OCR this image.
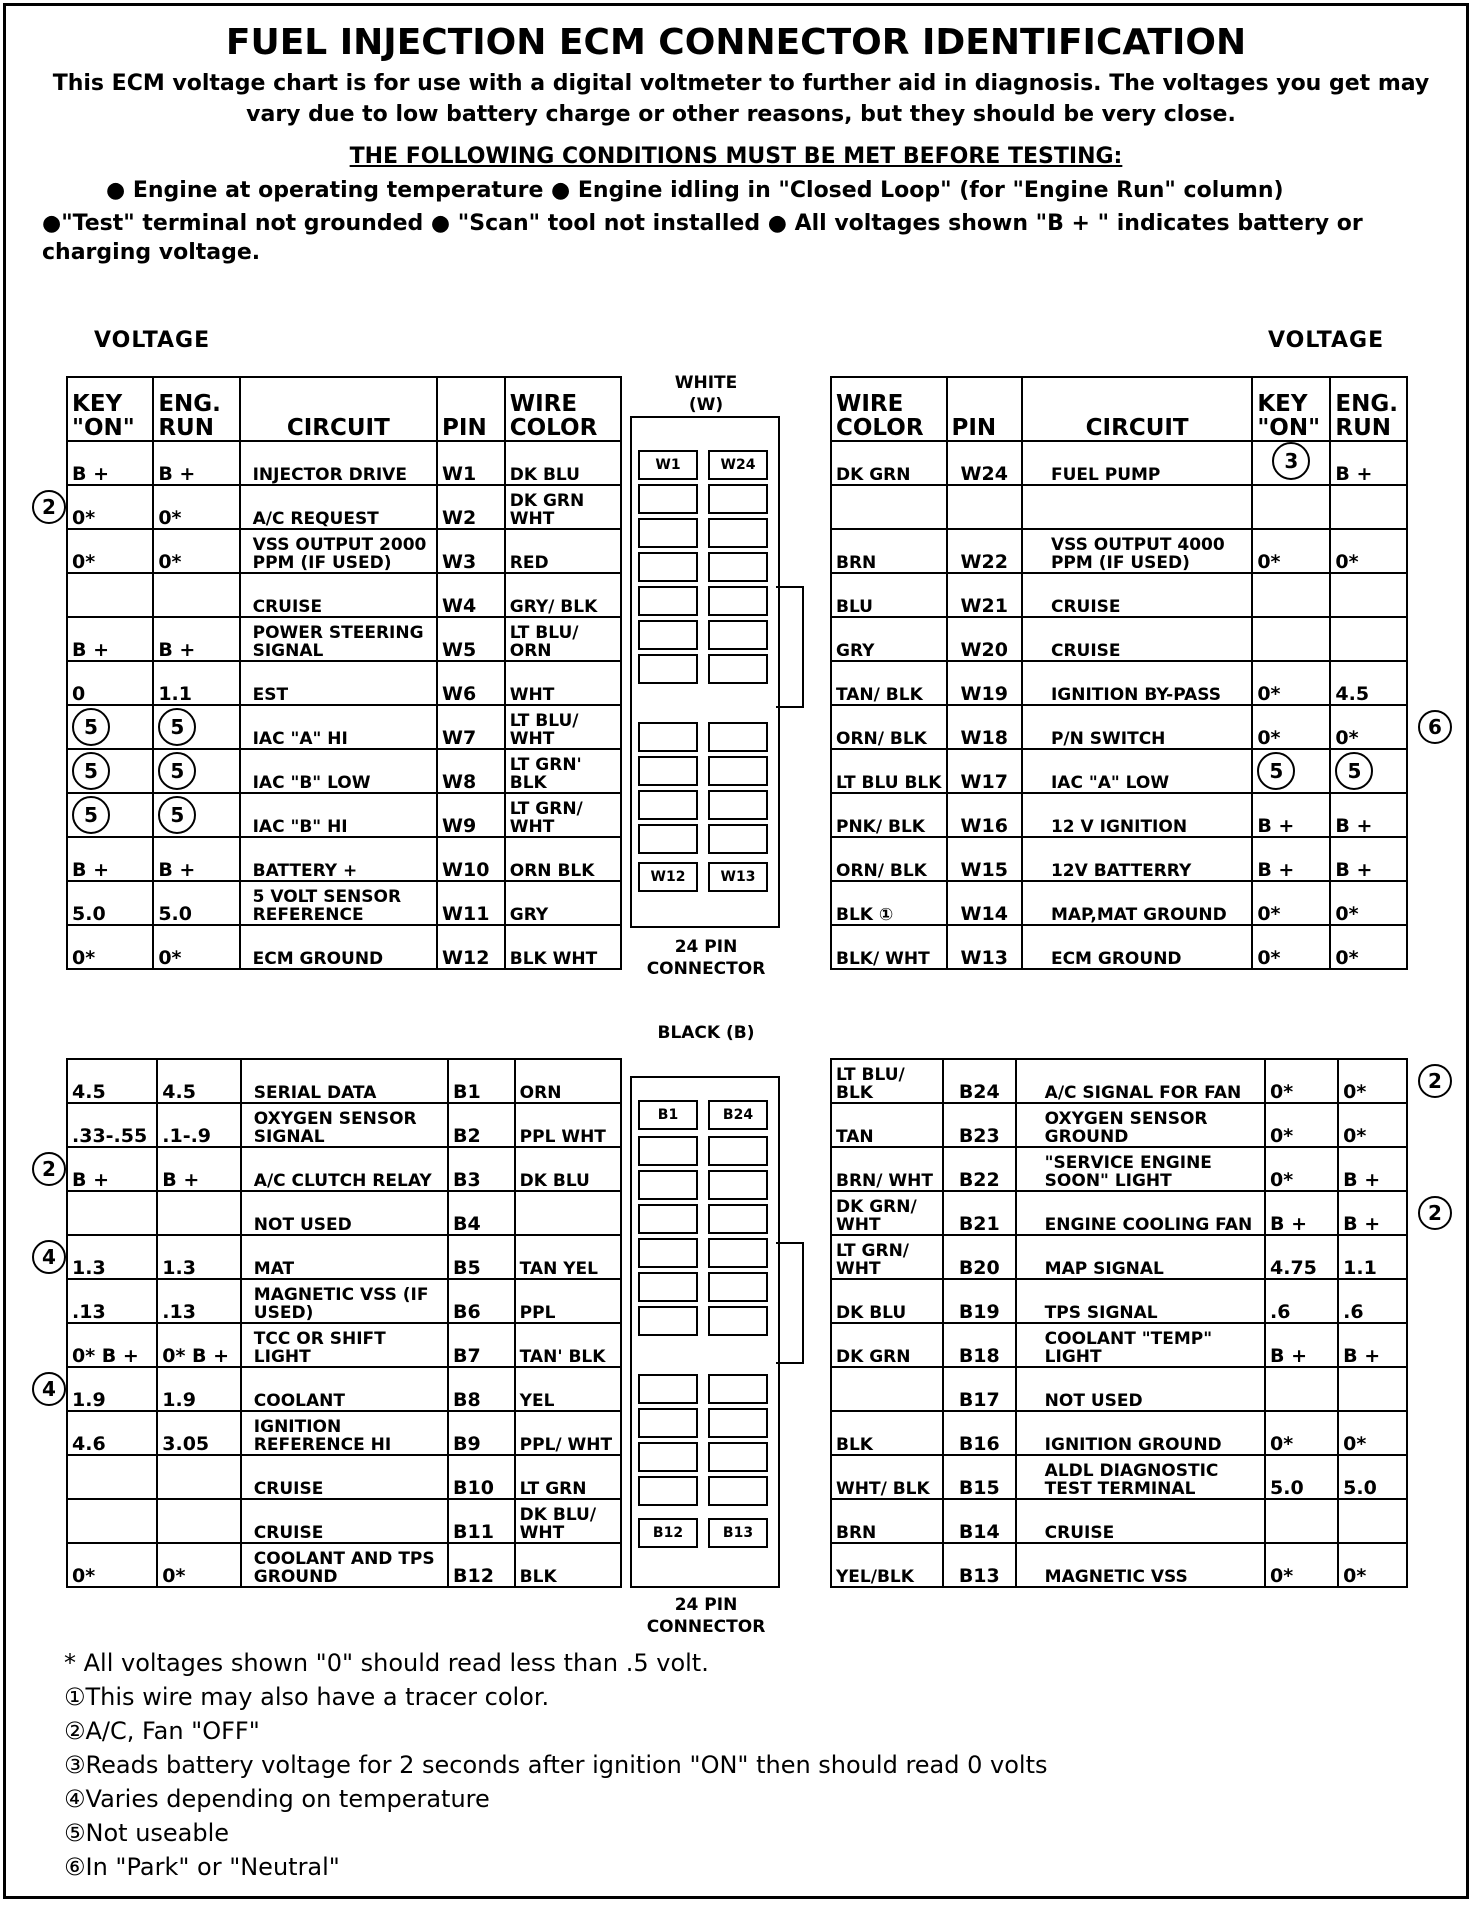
FUEL INJECTION ECM CONNECTOR IDENTIFICATION
This ECM voltage chart is for use with a digital voltmeter to further aid in diagnosis. The voltages you get may vary due to low battery charge or other reasons, but they should be very close.
THE FOLLOWING CONDITIONS MUST BE MET BEFORE TESTING:
● Engine at operating temperature ● Engine idling in "Closed Loop" (for "Engine Run" column)
●"Test" terminal not grounded ● "Scan" tool not installed ● All voltages shown "B + " indicates battery or charging voltage.
VOLTAGE	VOLTAGE
KEY "ON"	ENG. RUN	CIRCUIT	PIN	WIRE COLOR
B +	B +	INJECTOR DRIVE	W1	DK BLU
0*	0*	A/C REQUEST	W2	DK GRN WHT
0*	0*	VSS OUTPUT 2000 PPM (IF USED)	W3	RED
		CRUISE	W4	GRY/ BLK
B +	B +	POWER STEERING SIGNAL	W5	LT BLU/ ORN
0	1.1	EST	W6	WHT
5	5	IAC "A" HI	W7	LT BLU/ WHT
5	5	IAC "B" LOW	W8	LT GRN' BLK
5	5	IAC "B" HI	W9	LT GRN/ WHT
B +	B +	BATTERY +	W10	ORN BLK
5.0	5.0	5 VOLT SENSOR REFERENCE	W11	GRY
0*	0*	ECM GROUND	W12	BLK WHT
WIRE COLOR	PIN	CIRCUIT	KEY "ON"	ENG. RUN
DK GRN	W24	FUEL PUMP	3	B +

BRN	W22	VSS OUTPUT 4000 PPM (IF USED)	0*	0*
BLU	W21	CRUISE		
GRY	W20	CRUISE		
TAN/ BLK	W19	IGNITION BY-PASS	0*	4.5
ORN/ BLK	W18	P/N SWITCH	0*	0*
LT BLU BLK	W17	IAC "A" LOW	5	5
PNK/ BLK	W16	12 V IGNITION	B +	B +
ORN/ BLK	W15	12V BATTERRY	B +	B +
BLK ①	W14	MAP,MAT GROUND	0*	0*
BLK/ WHT	W13	ECM GROUND	0*	0*
4.5	4.5	SERIAL DATA	B1	ORN
.33-.55	.1-.9	OXYGEN SENSOR SIGNAL	B2	PPL WHT
B +	B +	A/C CLUTCH RELAY	B3	DK BLU
		NOT USED	B4	
1.3	1.3	MAT	B5	TAN YEL
.13	.13	MAGNETIC VSS (IF USED)	B6	PPL
0* B +	0* B +	TCC OR SHIFT LIGHT	B7	TAN' BLK
1.9	1.9	COOLANT	B8	YEL
4.6	3.05	IGNITION REFERENCE HI	B9	PPL/ WHT
		CRUISE	B10	LT GRN
		CRUISE	B11	DK BLU/ WHT
0*	0*	COOLANT AND TPS GROUND	B12	BLK
LT BLU/ BLK	B24	A/C SIGNAL FOR FAN	0*	0*
TAN	B23	OXYGEN SENSOR GROUND	0*	0*
BRN/ WHT	B22	"SERVICE ENGINE SOON" LIGHT	0*	B +
DK GRN/ WHT	B21	ENGINE COOLING FAN	B +	B +
LT GRN/ WHT	B20	MAP SIGNAL	4.75	1.1
DK BLU	B19	TPS SIGNAL	.6	.6
DK GRN	B18	COOLANT "TEMP" LIGHT	B +	B +
	B17	NOT USED		
BLK	B16	IGNITION GROUND	0*	0*
WHT/ BLK	B15	ALDL DIAGNOSTIC TEST TERMINAL	5.0	5.0
BRN	B14	CRUISE		
YEL/BLK	B13	MAGNETIC VSS	0*	0*
WHITE (W)
W1	W24
W12	W13
24 PIN CONNECTOR
BLACK (B)
B1	B24
B12	B13
24 PIN CONNECTOR
2
2
4
4
6
2
2
* All voltages shown "0" should read less than .5 volt.
①This wire may also have a tracer color.
②A/C, Fan "OFF"
③Reads battery voltage for 2 seconds after ignition "ON" then should read 0 volts
④Varies depending on temperature
⑤Not useable
⑥In "Park" or "Neutral"
